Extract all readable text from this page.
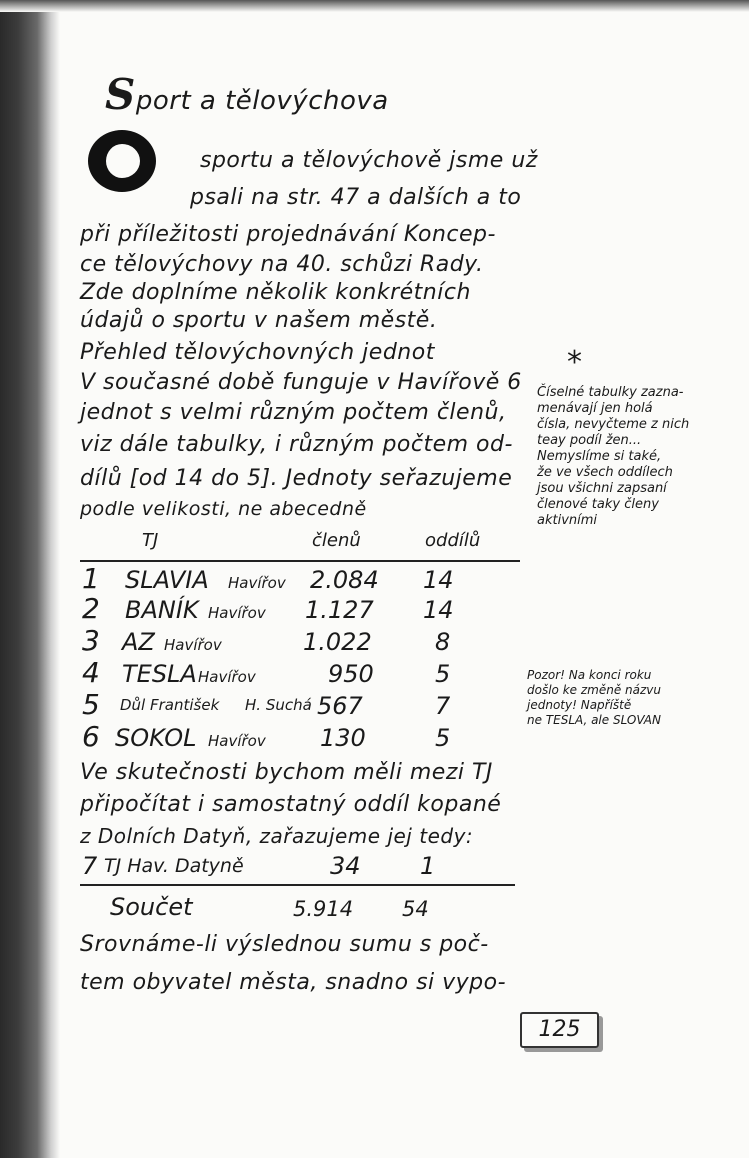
Sport a tělovýchova
sportu a tělovýchově jsme už
psali na str. 47 a dalších a to
při příležitosti projednávání Koncep-
ce tělovýchovy na 40. schůzi Rady.
Zde doplníme několik konkrétních
údajů o sportu v našem městě.
Přehled tělovýchovných jednot
V současné době funguje v Havířově 6
jednot s velmi různým počtem členů,
viz dále tabulky, i různým počtem od-
dílů [od 14 do 5]. Jednoty seřazujeme
podle velikosti, ne abecedně
TJ	členů	oddílů
1 SLAVIA Havířov 2.084 14
2 BANÍK Havířov 1.127 14
3 AZ Havířov	1.022	8
4 TESLA Havířov	950	5
5 Důl František H. Suchá 567	7
6 SOKOL Havířov 130	5
Ve skutečnosti bychom měli mezi TJ
připočítat i samostatný oddíl kopané
z Dolních Datyň, zařazujeme jej tedy:
7 TJ Hav. Datyně	34 1
Součet	5.914 54
Srovnáme-li výslednou sumu s poč-
tem obyvatel města, snadno si vypo-
*
Číselné tabulky zazna-
menávají jen holá
čísla, nevyčteme z nich
teay podíl žen...
Nemyslíme si také,
že ve všech oddílech
jsou všichni zapsaní
členové taky členy
aktivními
Pozor! Na konci roku
došlo ke změně názvu
jednoty! Napříště
ne TESLA, ale SLOVAN
125
